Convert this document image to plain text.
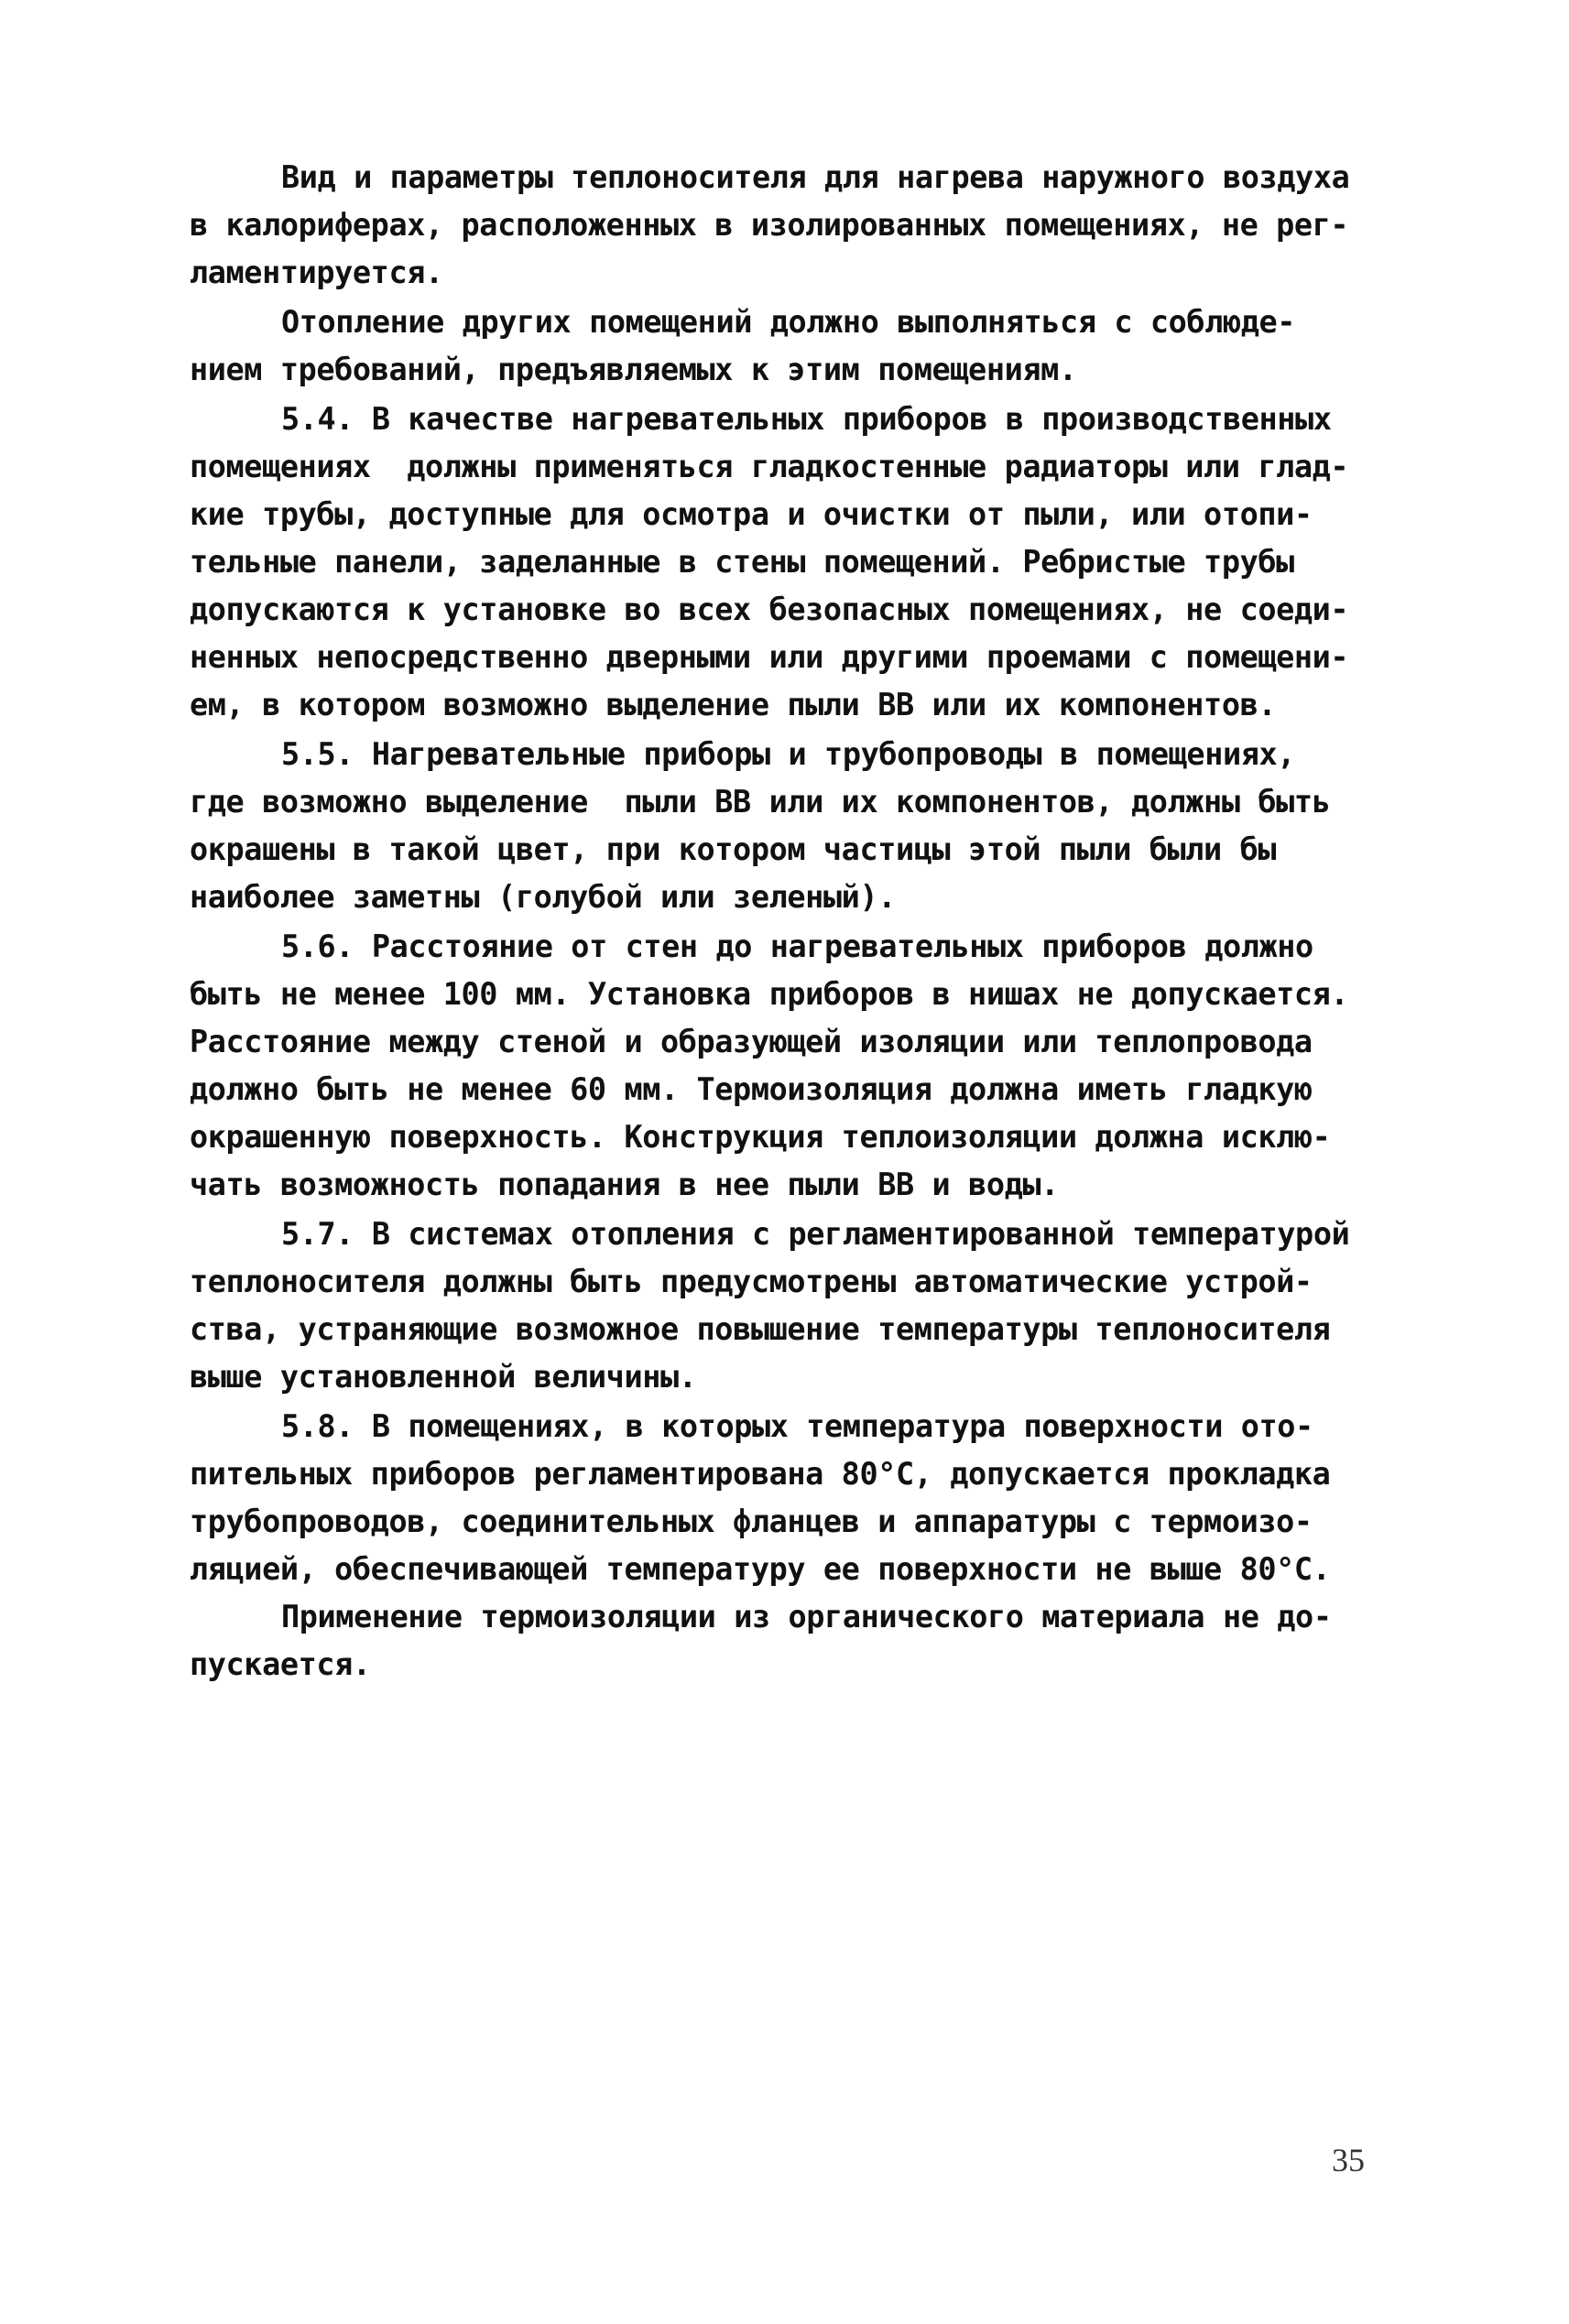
Вид и параметры теплоносителя для нагрева наружного воздуха
в калориферах, расположенных в изолированных помещениях, не рег-
ламентируется.
Отопление других помещений должно выполняться с соблюде-
нием требований, предъявляемых к этим помещениям.
5.4. В качестве нагревательных приборов в производственных
помещениях  должны применяться гладкостенные радиаторы или глад-
кие трубы, доступные для осмотра и очистки от пыли, или отопи-
тельные панели, заделанные в стены помещений. Ребристые трубы
допускаются к установке во всех безопасных помещениях, не соеди-
ненных непосредственно дверными или другими проемами с помещени-
ем, в котором возможно выделение пыли ВВ или их компонентов.
5.5. Нагревательные приборы и трубопроводы в помещениях,
где возможно выделение  пыли ВВ или их компонентов, должны быть
окрашены в такой цвет, при котором частицы этой пыли были бы
наиболее заметны (голубой или зеленый).
5.6. Расстояние от стен до нагревательных приборов должно
быть не менее 100 мм. Установка приборов в нишах не допускается.
Расстояние между стеной и образующей изоляции или теплопровода
должно быть не менее 60 мм. Термоизоляция должна иметь гладкую
окрашенную поверхность. Конструкция теплоизоляции должна исклю-
чать возможность попадания в нее пыли ВВ и воды.
5.7. В системах отопления с регламентированной температурой
теплоносителя должны быть предусмотрены автоматические устрой-
ства, устраняющие возможное повышение температуры теплоносителя
выше установленной величины.
5.8. В помещениях, в которых температура поверхности ото-
пительных приборов регламентирована 80°С, допускается прокладка
трубопроводов, соединительных фланцев и аппаратуры с термоизо-
ляцией, обеспечивающей температуру ее поверхности не выше 80°С.
Применение термоизоляции из органического материала не до-
пускается.
35
